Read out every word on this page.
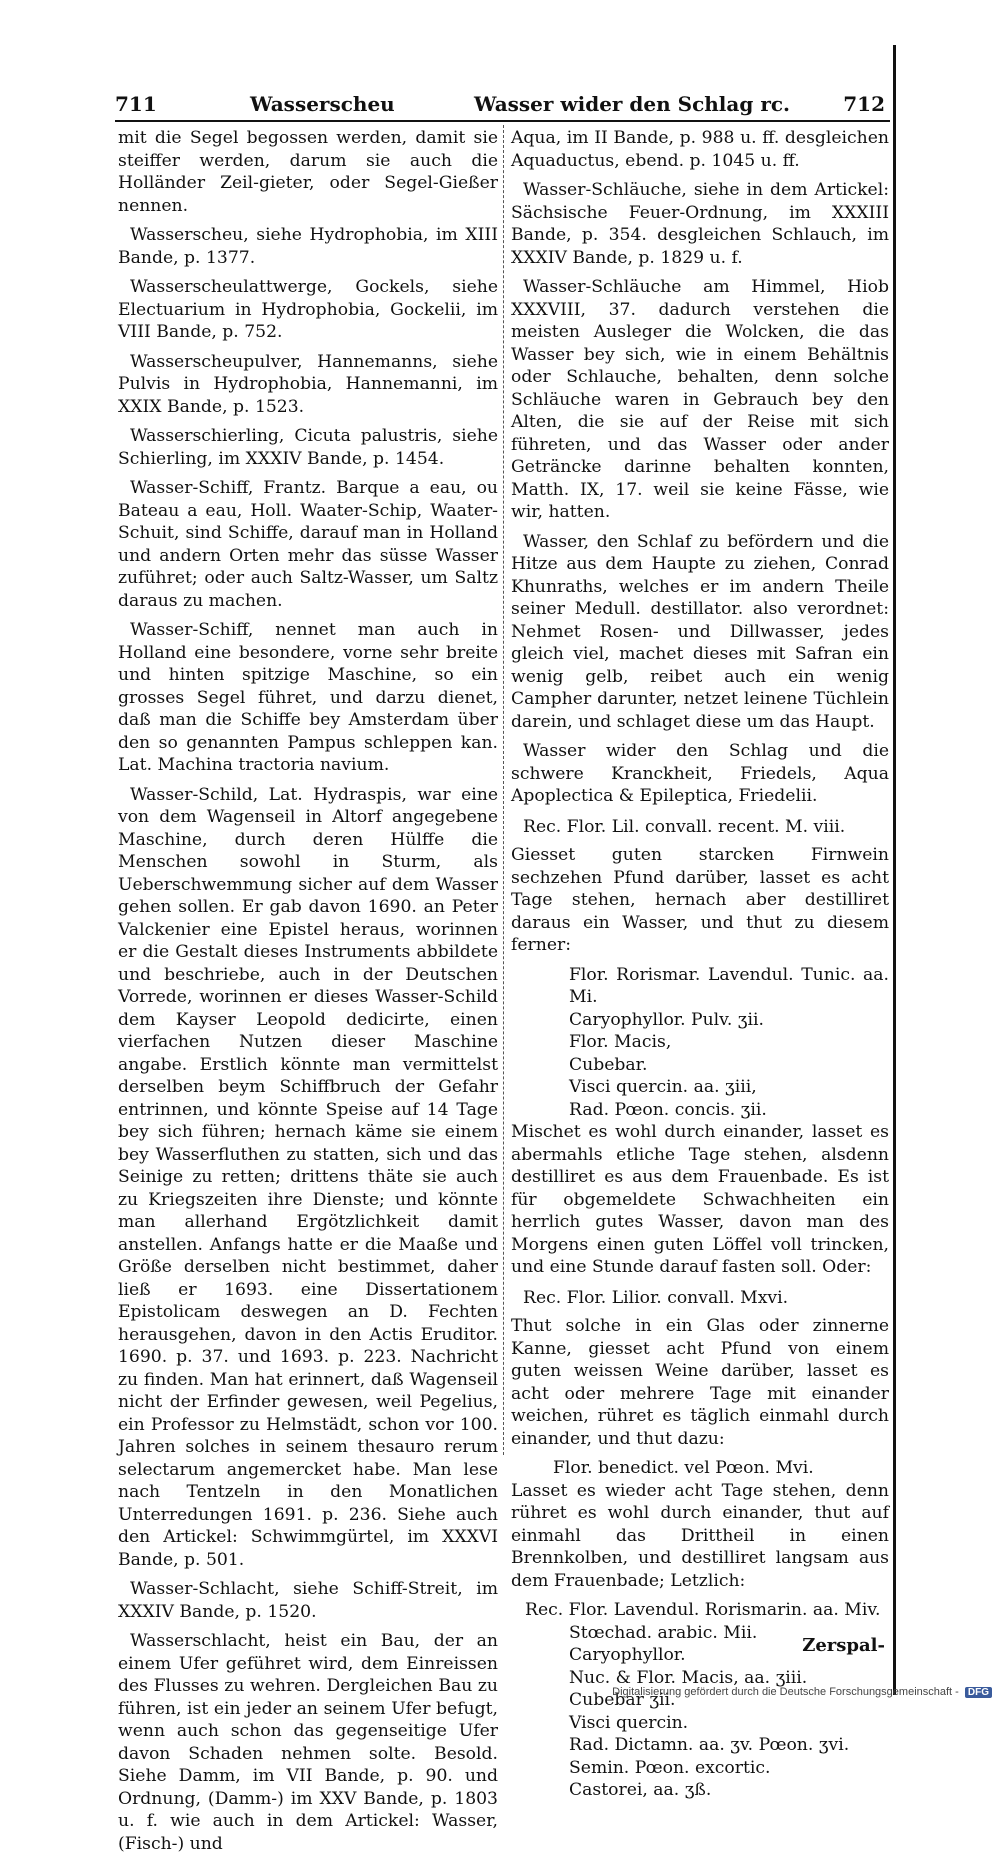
711	Wasserscheu	Wasser wider den Schlag rc.	712

mit die Segel begossen werden, damit sie steiffer werden, darum sie auch die Holländer Zeil-gieter, oder Segel-Gießer nennen.

Wasserscheu, siehe Hydrophobia, im XIII Bande, p. 1377.

Wasserscheulattwerge, Gockels, siehe Electuarium in Hydrophobia, Gockelii, im VIII Bande, p. 752.

Wasserscheupulver, Hannemanns, siehe Pulvis in Hydrophobia, Hannemanni, im XXIX Bande, p. 1523.

Wasserschierling, Cicuta palustris, siehe Schierling, im XXXIV Bande, p. 1454.

Wasser-Schiff, Frantz. Barque a eau, ou Bateau a eau, Holl. Waater-Schip, Waater-Schuit, sind Schiffe, darauf man in Holland und andern Orten mehr das süsse Wasser zuführet; oder auch Saltz-Wasser, um Saltz daraus zu machen.

Wasser-Schiff, nennet man auch in Holland eine besondere, vorne sehr breite und hinten spitzige Maschine, so ein grosses Segel führet, und darzu dienet, daß man die Schiffe bey Amsterdam über den so genannten Pampus schleppen kan. Lat. Machina tractoria navium.

Wasser-Schild, Lat. Hydraspis, war eine von dem Wagenseil in Altorf angegebene Maschine, durch deren Hülffe die Menschen sowohl in Sturm, als Ueberschwemmung sicher auf dem Wasser gehen sollen. Er gab davon 1690. an Peter Valckenier eine Epistel heraus, worinnen er die Gestalt dieses Instruments abbildete und beschriebe, auch in der Deutschen Vorrede, worinnen er dieses Wasser-Schild dem Kayser Leopold dedicirte, einen vierfachen Nutzen dieser Maschine angabe. Erstlich könnte man vermittelst derselben beym Schiffbruch der Gefahr entrinnen, und könnte Speise auf 14 Tage bey sich führen; hernach käme sie einem bey Wasserfluthen zu statten, sich und das Seinige zu retten; drittens thäte sie auch zu Kriegszeiten ihre Dienste; und könnte man allerhand Ergötzlichkeit damit anstellen. Anfangs hatte er die Maaße und Größe derselben nicht bestimmet, daher ließ er 1693. eine Dissertationem Epistolicam deswegen an D. Fechten herausgehen, davon in den Actis Eruditor. 1690. p. 37. und 1693. p. 223. Nachricht zu finden. Man hat erinnert, daß Wagenseil nicht der Erfinder gewesen, weil Pegelius, ein Professor zu Helmstädt, schon vor 100. Jahren solches in seinem thesauro rerum selectarum angemercket habe. Man lese nach Tentzeln in den Monatlichen Unterredungen 1691. p. 236. Siehe auch den Artickel: Schwimmgürtel, im XXXVI Bande, p. 501.

Wasser-Schlacht, siehe Schiff-Streit, im XXXIV Bande, p. 1520.

Wasserschlacht, heist ein Bau, der an einem Ufer geführet wird, dem Einreissen des Flusses zu wehren. Dergleichen Bau zu führen, ist ein jeder an seinem Ufer befugt, wenn auch schon das gegenseitige Ufer davon Schaden nehmen solte. Besold. Siehe Damm, im VII Bande, p. 90. und Ordnung, (Damm-) im XXV Bande, p. 1803 u. f. wie auch in dem Artickel: Wasser, (Fisch-) und

Aqua, im II Bande, p. 988 u. ff. desgleichen Aquaductus, ebend. p. 1045 u. ff.

Wasser-Schläuche, siehe in dem Artickel: Sächsische Feuer-Ordnung, im XXXIII Bande, p. 354. desgleichen Schlauch, im XXXIV Bande, p. 1829 u. f.

Wasser-Schläuche am Himmel, Hiob XXXVIII, 37. dadurch verstehen die meisten Ausleger die Wolcken, die das Wasser bey sich, wie in einem Behältnis oder Schlauche, behalten, denn solche Schläuche waren in Gebrauch bey den Alten, die sie auf der Reise mit sich führeten, und das Wasser oder ander Geträncke darinne behalten konnten, Matth. IX, 17. weil sie keine Fässe, wie wir, hatten.

Wasser, den Schlaf zu befördern und die Hitze aus dem Haupte zu ziehen, Conrad Khunraths, welches er im andern Theile seiner Medull. destillator. also verordnet: Nehmet Rosen- und Dillwasser, jedes gleich viel, machet dieses mit Safran ein wenig gelb, reibet auch ein wenig Campher darunter, netzet leinene Tüchlein darein, und schlaget diese um das Haupt.

Wasser wider den Schlag und die schwere Kranckheit, Friedels, Aqua Apoplectica & Epileptica, Friedelii.

Rec. Flor. Lil. convall. recent. M. viii.

Giesset guten starcken Firnwein sechzehen Pfund darüber, lasset es acht Tage stehen, hernach aber destilliret daraus ein Wasser, und thut zu diesem ferner:

Flor. Rorismar. Lavendul. Tunic. aa. Mi.

Caryophyllor. Pulv. ʒii.

Flor. Macis,

Cubebar.

Visci quercin. aa. ʒiii,

Rad. Pœon. concis. ʒii.

Mischet es wohl durch einander, lasset es abermahls etliche Tage stehen, alsdenn destilliret es aus dem Frauenbade. Es ist für obgemeldete Schwachheiten ein herrlich gutes Wasser, davon man des Morgens einen guten Löffel voll trincken, und eine Stunde darauf fasten soll. Oder:

Rec. Flor. Lilior. convall. Mxvi.

Thut solche in ein Glas oder zinnerne Kanne, giesset acht Pfund von einem guten weissen Weine darüber, lasset es acht oder mehrere Tage mit einander weichen, rühret es täglich einmahl durch einander, und thut dazu:

Flor. benedict. vel Pœon. Mvi.

Lasset es wieder acht Tage stehen, denn rühret es wohl durch einander, thut auf einmahl das Drittheil in einen Brennkolben, und destilliret langsam aus dem Frauenbade; Letzlich:

Rec. Flor. Lavendul. Rorismarin. aa. Miv.

Stœchad. arabic. Mii.

Caryophyllor.

Nuc. & Flor. Macis, aa. ʒiii.

Cubebar ʒii.

Visci quercin.

Rad. Dictamn. aa. ʒv. Pœon. ʒvi.

Semin. Pœon. excortic.

Castorei, aa. ʒß.

Zerspal-
Digitalisierung gefördert durch die Deutsche Forschungsgemeinschaft - DFG
